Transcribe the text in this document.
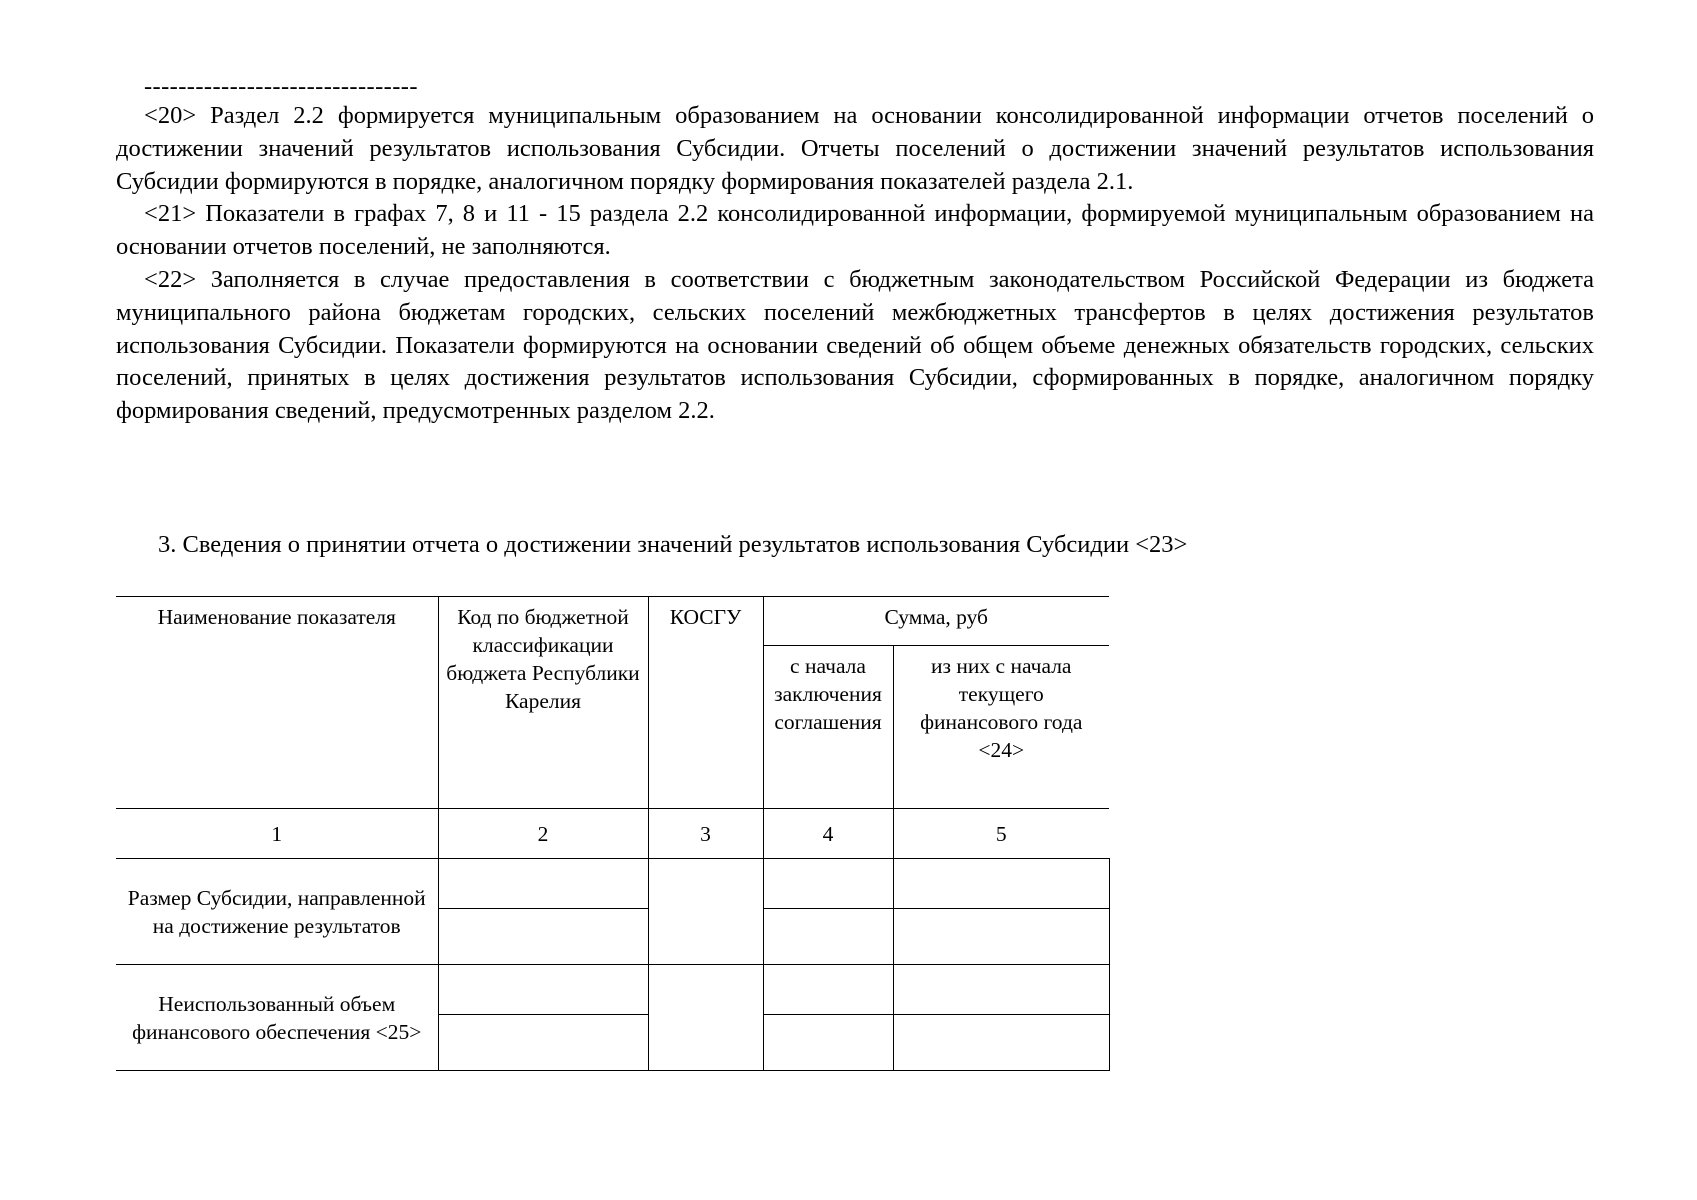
--------------------------------

<20> Раздел 2.2 формируется муниципальным образованием на основании консолидированной информации отчетов поселений о достижении значений результатов использования Субсидии. Отчеты поселений о достижении значений результатов использования Субсидии формируются в порядке, аналогичном порядку формирования показателей раздела 2.1.

<21> Показатели в графах 7, 8 и 11 - 15 раздела 2.2 консолидированной информации, формируемой муниципальным образованием на основании отчетов поселений, не заполняются.

<22> Заполняется в случае предоставления в соответствии с бюджетным законодательством Российской Федерации из бюджета муниципального района бюджетам городских, сельских поселений межбюджетных трансфертов в целях достижения результатов использования Субсидии. Показатели формируются на основании сведений об общем объеме денежных обязательств городских, сельских поселений, принятых в целях достижения результатов использования Субсидии, сформированных в порядке, аналогичном порядку формирования сведений, предусмотренных разделом 2.2.

3. Сведения о принятии отчета о достижении значений результатов использования Субсидии <23>
Наименование показателя	Код по бюджетной классификации бюджета Республики Карелия	КОСГУ	Сумма, руб	
			с начала заключения соглашения	из них с начала текущего финансового года <24>
1	2	3	4	5
Размер Субсидии, направленной на достижение результатов				

Неиспользованный объем финансового обеспечения <25>				
